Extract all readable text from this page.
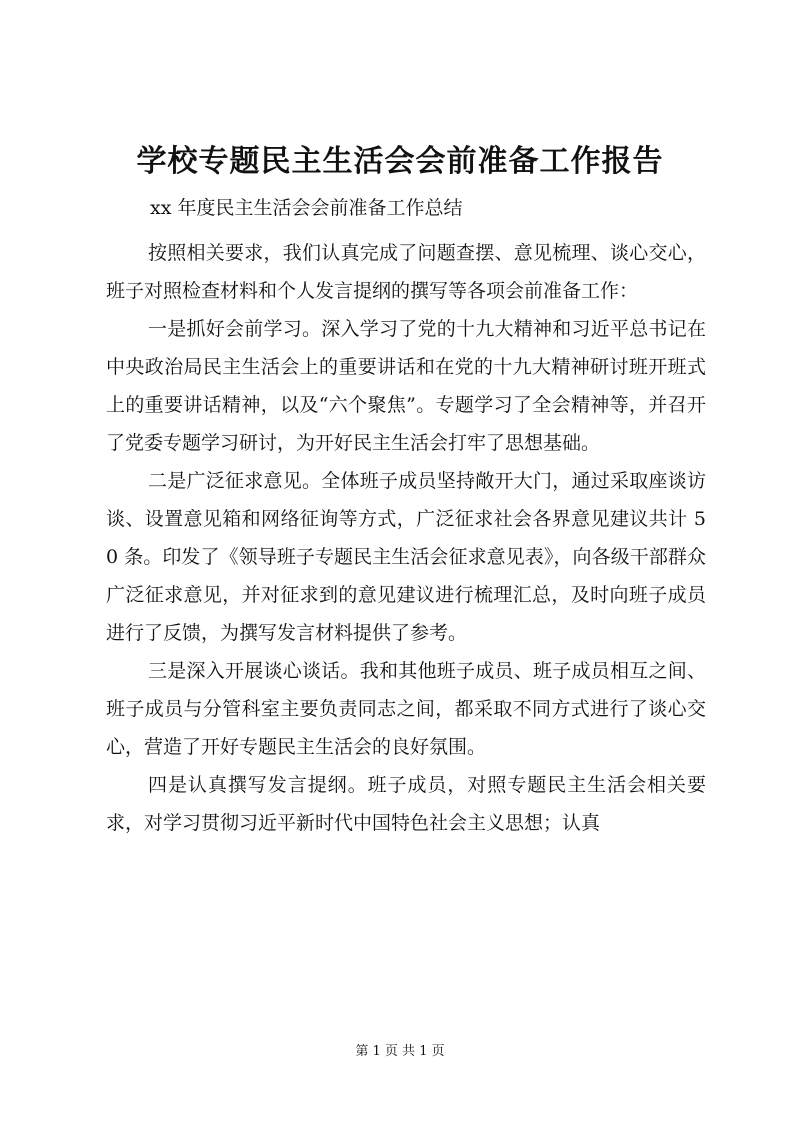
学校专题民主生活会会前准备工作报告
xx 年度民主生活会会前准备工作总结

按照相关要求，我们认真完成了问题查摆、意见梳理、谈心交心，班子对照检查材料和个人发言提纲的撰写等各项会前准备工作：

一是抓好会前学习。深入学习了党的十九大精神和习近平总书记在中央政治局民主生活会上的重要讲话和在党的十九大精神研讨班开班式上的重要讲话精神，以及“六个聚焦”。专题学习了全会精神等，并召开了党委专题学习研讨，为开好民主生活会打牢了思想基础。

二是广泛征求意见。全体班子成员坚持敞开大门，通过采取座谈访谈、设置意见箱和网络征询等方式，广泛征求社会各界意见建议共计 50 条。印发了《领导班子专题民主生活会征求意见表》，向各级干部群众广泛征求意见，并对征求到的意见建议进行梳理汇总，及时向班子成员进行了反馈，为撰写发言材料提供了参考。

三是深入开展谈心谈话。我和其他班子成员、班子成员相互之间、班子成员与分管科室主要负责同志之间，都采取不同方式进行了谈心交心，营造了开好专题民主生活会的良好氛围。

四是认真撰写发言提纲。班子成员，对照专题民主生活会相关要求，对学习贯彻习近平新时代中国特色社会主义思想；认真

第 1 页 共 1 页
